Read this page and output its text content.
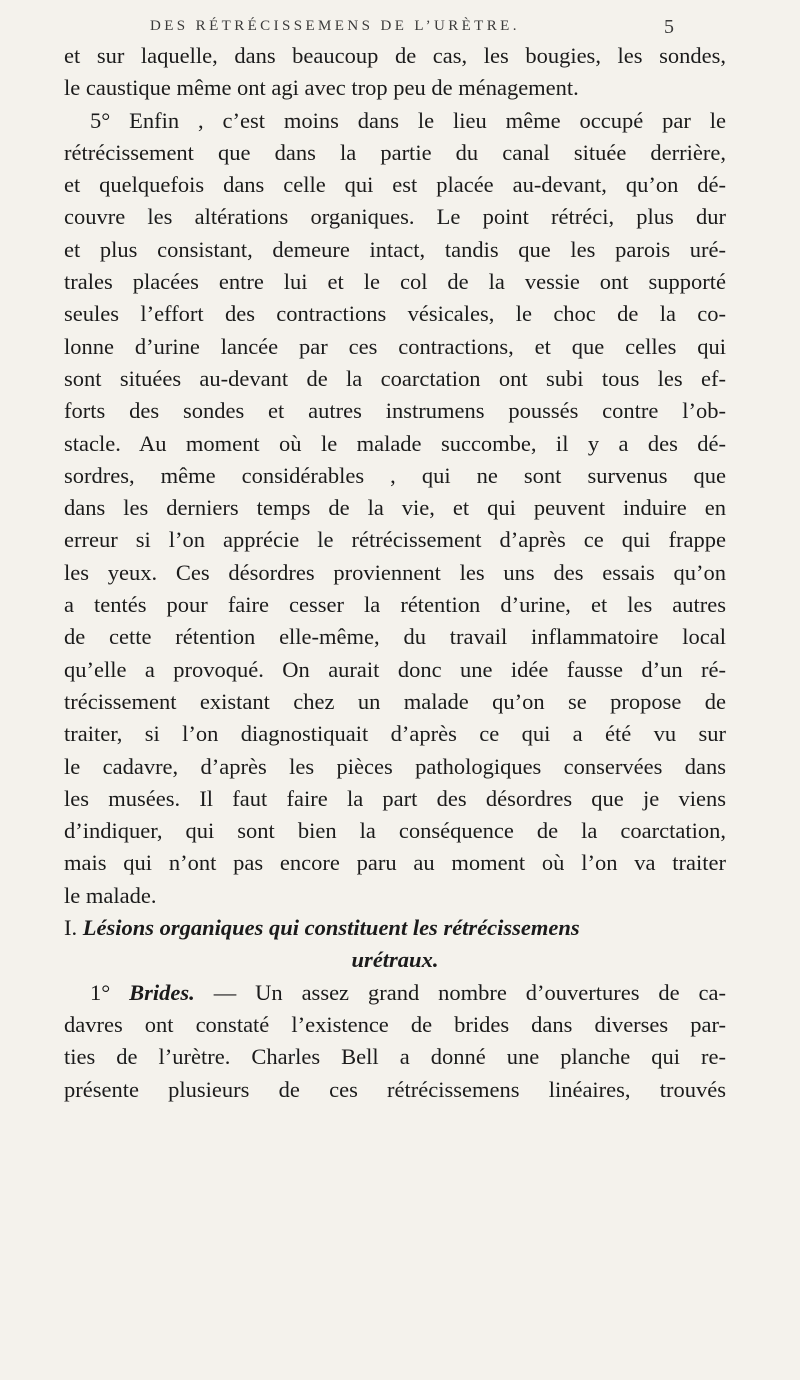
DES RÉTRÉCISSEMENS DE L’URÈTRE.	5
et sur laquelle, dans beaucoup de cas, les bougies, les sondes,
le caustique même ont agi avec trop peu de ménagement.
5° Enfin , c’est moins dans le lieu même occupé par le
rétrécissement que dans la partie du canal située derrière,
et quelquefois dans celle qui est placée au-devant, qu’on dé-
couvre les altérations organiques. Le point rétréci, plus dur
et plus consistant, demeure intact, tandis que les parois uré-
trales placées entre lui et le col de la vessie ont supporté
seules l’effort des contractions vésicales, le choc de la co-
lonne d’urine lancée par ces contractions, et que celles qui
sont situées au-devant de la coarctation ont subi tous les ef-
forts des sondes et autres instrumens poussés contre l’ob-
stacle. Au moment où le malade succombe, il y a des dé-
sordres, même considérables , qui ne sont survenus que
dans les derniers temps de la vie, et qui peuvent induire en
erreur si l’on apprécie le rétrécissement d’après ce qui frappe
les yeux. Ces désordres proviennent les uns des essais qu’on
a tentés pour faire cesser la rétention d’urine, et les autres
de cette rétention elle-même, du travail inflammatoire local
qu’elle a provoqué. On aurait donc une idée fausse d’un ré-
trécissement existant chez un malade qu’on se propose de
traiter, si l’on diagnostiquait d’après ce qui a été vu sur
le cadavre, d’après les pièces pathologiques conservées dans
les musées. Il faut faire la part des désordres que je viens
d’indiquer, qui sont bien la conséquence de la coarctation,
mais qui n’ont pas encore paru au moment où l’on va traiter
le malade.
I. Lésions organiques qui constituent les rétrécissemens
urétraux.
1° Brides. — Un assez grand nombre d’ouvertures de ca-
davres ont constaté l’existence de brides dans diverses par-
ties de l’urètre. Charles Bell a donné une planche qui re-
présente plusieurs de ces rétrécissemens linéaires, trouvés
